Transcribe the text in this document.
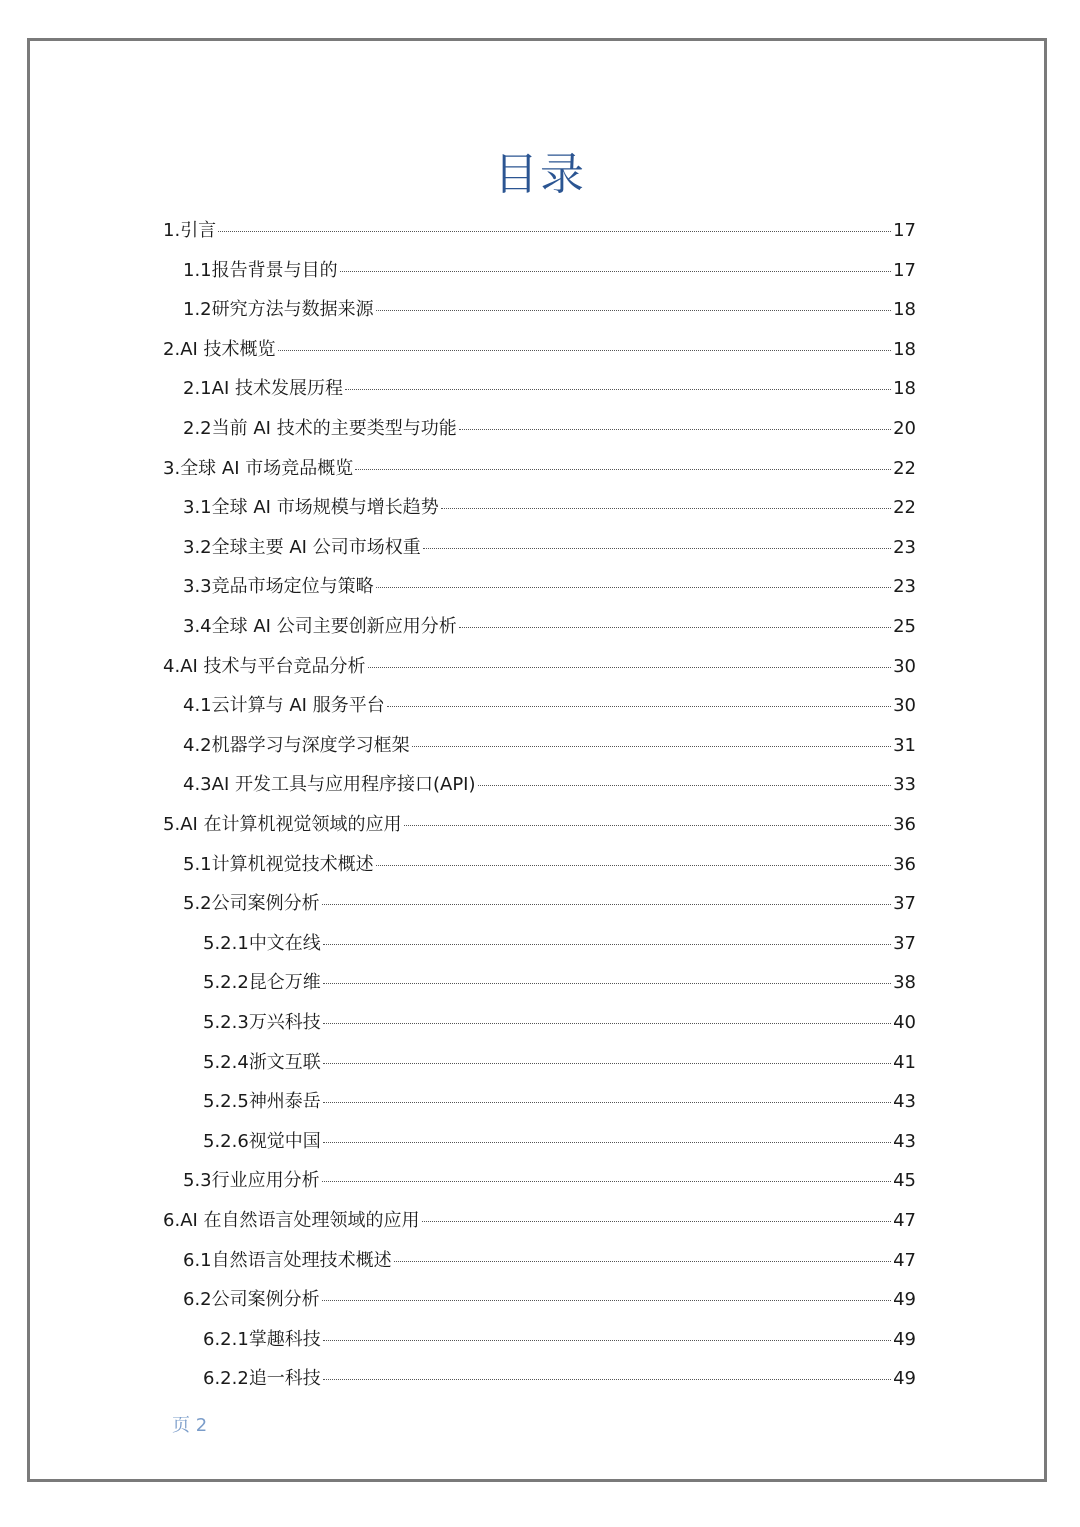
目录
1. 引言	17
1.1 报告背景与目的	17
1.2 研究方法与数据来源	18
2. AI 技术概览	18
2.1 AI 技术发展历程	18
2.2 当前 AI 技术的主要类型与功能	20
3. 全球 AI 市场竞品概览	22
3.1 全球 AI 市场规模与增长趋势	22
3.2 全球主要 AI 公司市场权重	23
3.3 竞品市场定位与策略	23
3.4 全球 AI 公司主要创新应用分析	25
4. AI 技术与平台竞品分析	30
4.1 云计算与 AI 服务平台	30
4.2 机器学习与深度学习框架	31
4.3 AI 开发工具与应用程序接口(API)	33
5. AI 在计算机视觉领域的应用	36
5.1 计算机视觉技术概述	36
5.2 公司案例分析	37
5.2.1 中文在线	37
5.2.2 昆仑万维	38
5.2.3 万兴科技	40
5.2.4 浙文互联	41
5.2.5 神州泰岳	43
5.2.6 视觉中国	43
5.3 行业应用分析	45
6. AI 在自然语言处理领域的应用	47
6.1 自然语言处理技术概述	47
6.2 公司案例分析	49
6.2.1 掌趣科技	49
6.2.2 追一科技	49
页 2
